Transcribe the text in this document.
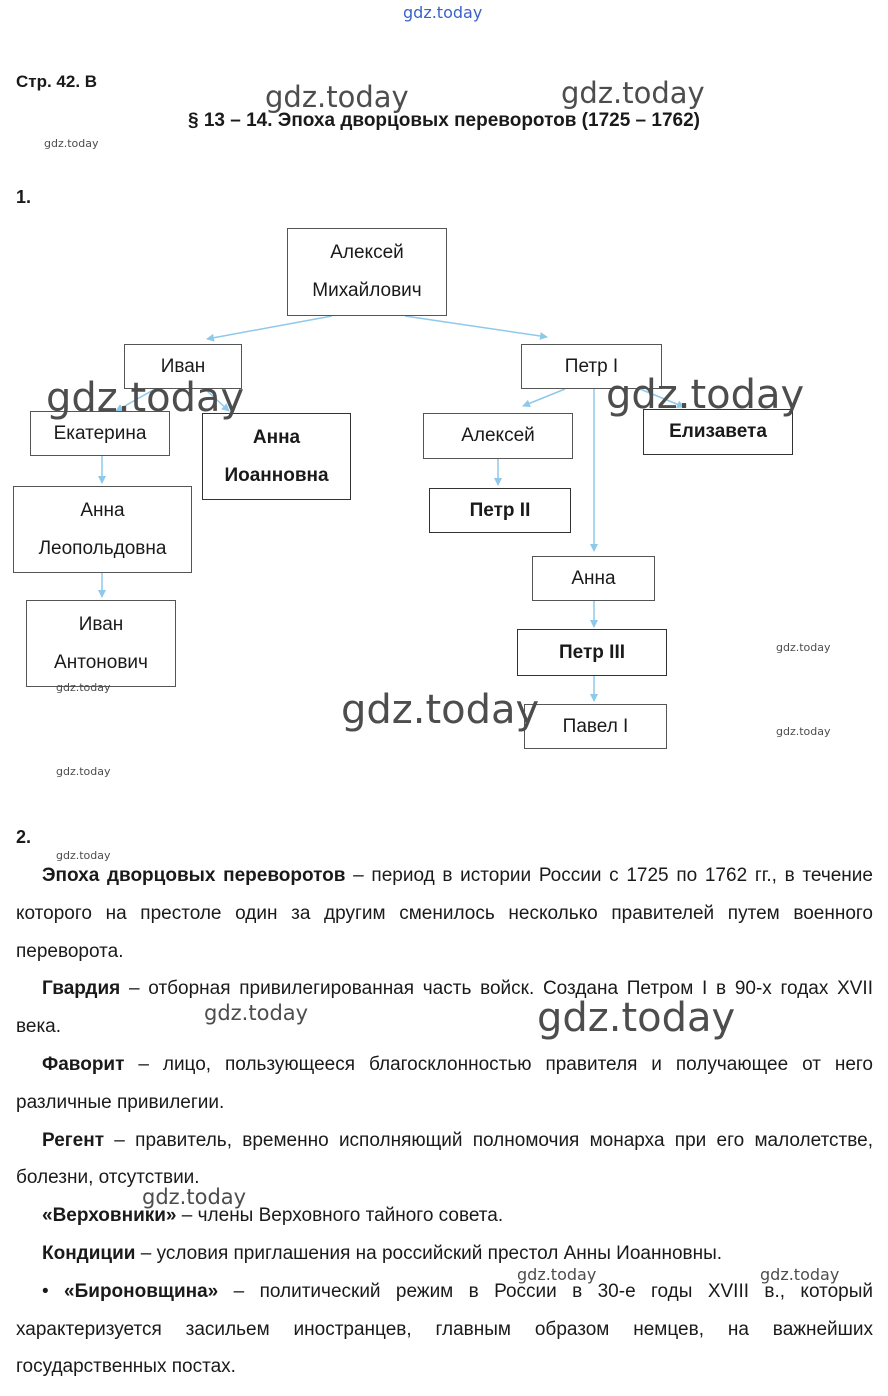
gdz.today
Стр. 42. В
§ 13 – 14. Эпоха дворцовых переворотов (1725 – 1762)
1.
Алексей
Михайлович
Иван	Петр I
Екатерина	Анна
Иоанновна
Алексей	Елизавета
Анна
Леопольдовна
Петр II
Иван
Антонович
Анна
Петр III
Павел I
2.

Эпоха дворцовых переворотов – период в истории России с 1725 по 1762 гг., в течение которого на престоле один за другим сменилось несколько правителей путем военного переворота.

Гвардия – отборная привилегированная часть войск. Создана Петром I в 90-х годах XVII века.

Фаворит – лицо, пользующееся благосклонностью правителя и получающее от него различные привилегии.

Регент – правитель, временно исполняющий полномочия монарха при его малолетстве, болезни, отсутствии.

«Верховники» – члены Верховного тайного совета.

Кондиции – условия приглашения на российский престол Анны Иоанновны.

• «Бироновщина» – политический режим в России в 30-е годы XVIII в., который характеризуется засильем иностранцев, главным образом немцев, на важнейших государственных постах.

gdz.today	gdz.today
gdz.today
gdz.today	gdz.today
gdz.today
gdz.today	gdz.today	gdz.today
gdz.today
gdz.today
gdz.today	gdz.today
gdz.today
gdz.today	gdz.today
